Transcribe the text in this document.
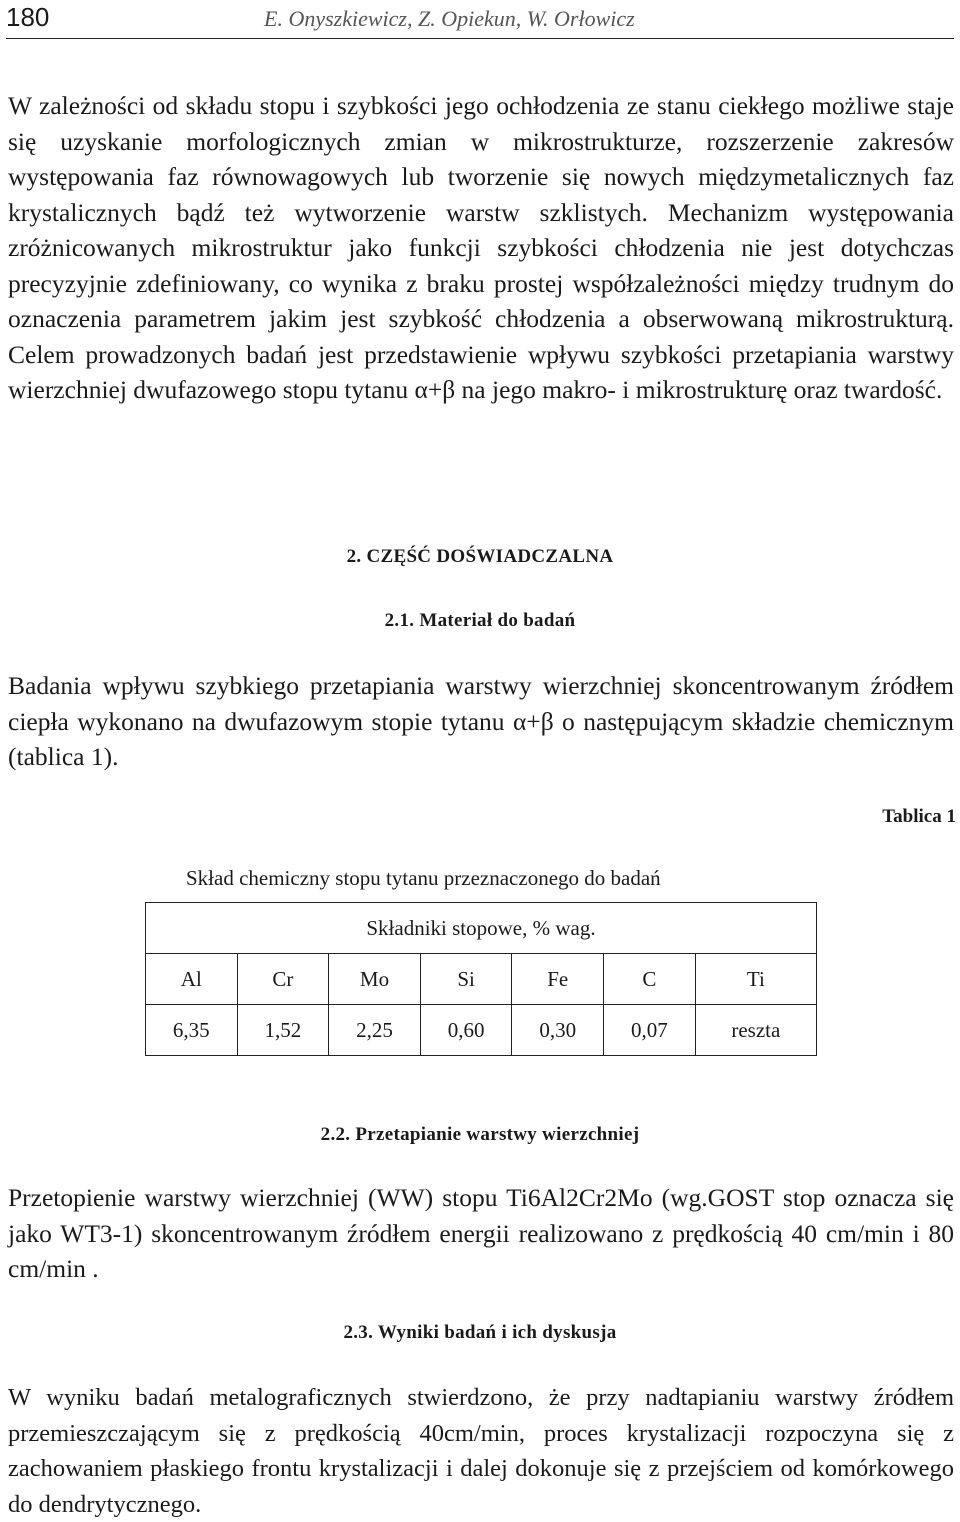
180	E. Onyszkiewicz, Z. Opiekun, W. Orłowicz

W zależności od składu stopu i szybkości jego ochłodzenia ze stanu ciekłego możliwe staje się uzyskanie morfologicznych zmian w mikrostrukturze, rozszerzenie zakresów występowania faz równowagowych lub tworzenie się nowych międzymetalicznych faz krystalicznych bądź też wytworzenie warstw szklistych. Mechanizm występowania zróżnicowanych mikrostruktur jako funkcji szybkości chłodzenia nie jest dotychczas precyzyjnie zdefiniowany, co wynika z braku prostej współzależności między trudnym do oznaczenia parametrem jakim jest szybkość chłodzenia a obserwowaną mikrostrukturą. Celem prowadzonych badań jest przedstawienie wpływu szybkości przetapiania warstwy wierzchniej dwufazowego stopu tytanu α+β na jego makro- i mikrostrukturę oraz twardość.

2. CZĘŚĆ DOŚWIADCZALNA
2.1. Materiał do badań

Badania wpływu szybkiego przetapiania warstwy wierzchniej skoncentrowanym źródłem ciepła wykonano na dwufazowym stopie tytanu α+β o następującym składzie chemicznym (tablica 1).

Tablica 1
Skład chemiczny stopu tytanu przeznaczonego do badań
Składniki stopowe, % wag.						
Al	Cr	Mo	Si	Fe	C	Ti
6,35	1,52	2,25	0,60	0,30	0,07	reszta
2.2. Przetapianie warstwy wierzchniej

Przetopienie warstwy wierzchniej (WW) stopu Ti6Al2Cr2Mo (wg.GOST stop oznacza się jako WT3-1) skoncentrowanym źródłem energii realizowano z prędkością 40 cm/min i 80 cm/min .

2.3. Wyniki badań i ich dyskusja

W wyniku badań metalograficznych stwierdzono, że przy nadtapianiu warstwy źródłem przemieszczającym się z prędkością 40cm/min, proces krystalizacji rozpoczyna się z zachowaniem płaskiego frontu krystalizacji i dalej dokonuje się z przejściem od komórkowego do dendrytycznego.
